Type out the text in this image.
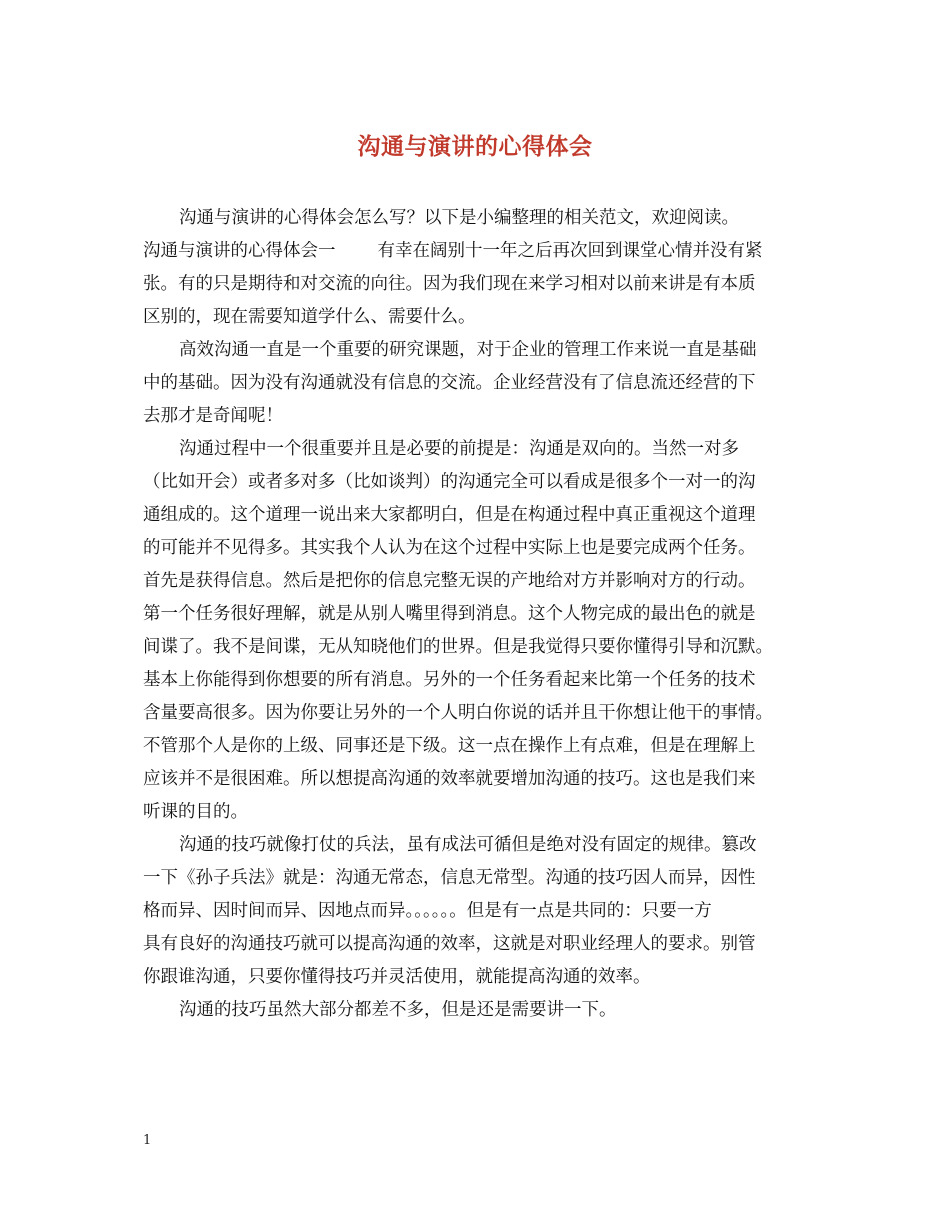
沟通与演讲的心得体会
沟通与演讲的心得体会怎么写？以下是小编整理的相关范文，欢迎阅读。
沟通与演讲的心得体会一 有幸在阔别十一年之后再次回到课堂心情并没有紧
张。有的只是期待和对交流的向往。因为我们现在来学习相对以前来讲是有本质
区别的，现在需要知道学什么、需要什么。
高效沟通一直是一个重要的研究课题，对于企业的管理工作来说一直是基础
中的基础。因为没有沟通就没有信息的交流。企业经营没有了信息流还经营的下
去那才是奇闻呢！
沟通过程中一个很重要并且是必要的前提是：沟通是双向的。当然一对多
（比如开会）或者多对多（比如谈判）的沟通完全可以看成是很多个一对一的沟
通组成的。这个道理一说出来大家都明白，但是在构通过程中真正重视这个道理
的可能并不见得多。其实我个人认为在这个过程中实际上也是要完成两个任务。
首先是获得信息。然后是把你的信息完整无误的产地给对方并影响对方的行动。
第一个任务很好理解，就是从别人嘴里得到消息。这个人物完成的最出色的就是
间谍了。我不是间谍，无从知晓他们的世界。但是我觉得只要你懂得引导和沉默。
基本上你能得到你想要的所有消息。另外的一个任务看起来比第一个任务的技术
含量要高很多。因为你要让另外的一个人明白你说的话并且干你想让他干的事情。
不管那个人是你的上级、同事还是下级。这一点在操作上有点难，但是在理解上
应该并不是很困难。所以想提高沟通的效率就要增加沟通的技巧。这也是我们来
听课的目的。
沟通的技巧就像打仗的兵法，虽有成法可循但是绝对没有固定的规律。篡改
一下《孙子兵法》就是：沟通无常态，信息无常型。沟通的技巧因人而异，因性
格而异、因时间而异、因地点而异。。。。。。但是有一点是共同的：只要一方
具有良好的沟通技巧就可以提高沟通的效率，这就是对职业经理人的要求。别管
你跟谁沟通，只要你懂得技巧并灵活使用，就能提高沟通的效率。
沟通的技巧虽然大部分都差不多，但是还是需要讲一下。
1
